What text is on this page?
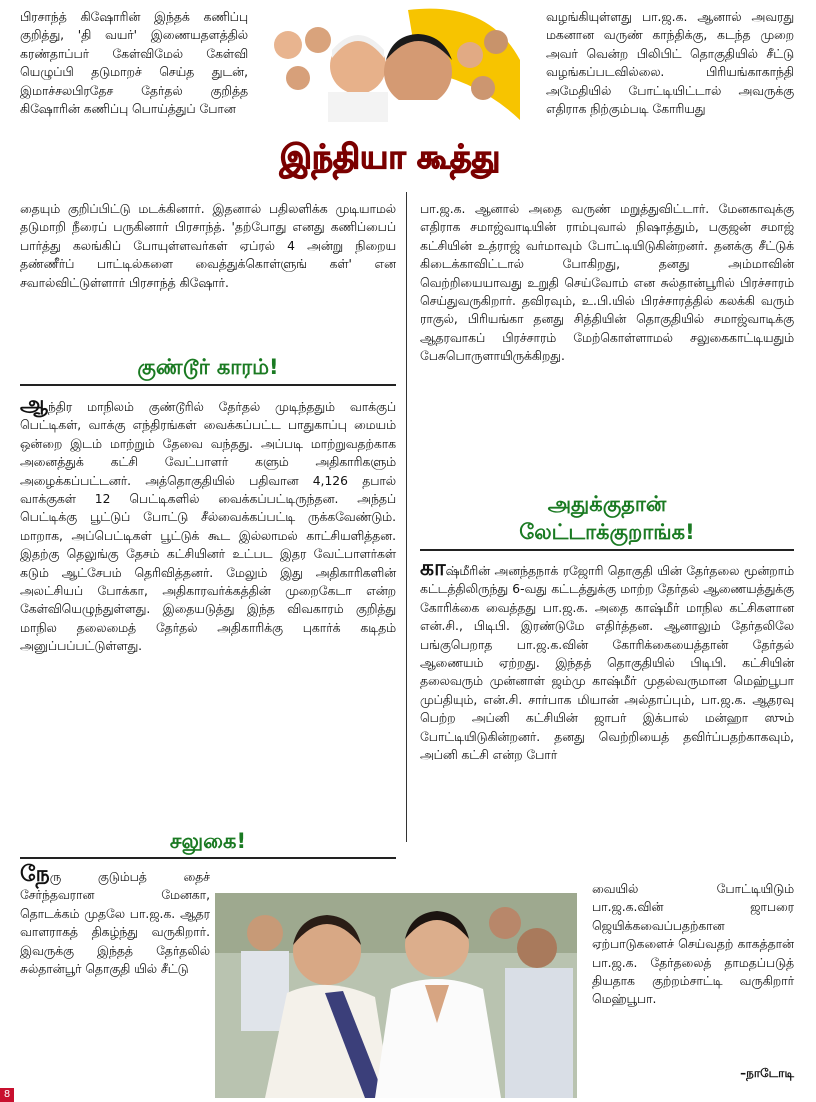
இந்தியா கூத்து

பிரசாந்த் கிஷோரின் இந்தக் கணிப்பு குறித்து, 'தி வயர்' இணையதளத்தில் கரண்தாப்பர் கேள்விமேல் கேள்வி யெழுப்பி தடுமாறச் செய்த துடன், இமாச்சலபிரதேச தேர்தல் குறித்த கிஷோரின் கணிப்பு பொய்த்துப் போன

தையும் குறிப்பிட்டு மடக்கினார். இதனால் பதிலளிக்க முடியாமல் தடுமாறி நீரைப் பருகினார் பிரசாந்த். 'தற்போது எனது கணிப்பைப் பார்த்து கலங்கிப் போயுள்ளவர்கள் ஏப்ரல் 4 அன்று நிறைய தண்ணீர்ப் பாட்டில்களை வைத்துக்கொள்ளுங் கள்' என சவால்விட்டுள்ளார் பிரசாந்த் கிஷோர்.

குண்டூர் காரம்!

ஆந்திர மாநிலம் குண்டூரில் தேர்தல் முடிந்ததும் வாக்குப் பெட்டிகள், வாக்கு எந்திரங்கள் வைக்கப்பட்ட பாதுகாப்பு மையம் ஒன்றை இடம் மாற்றும் தேவை வந்தது. அப்படி மாற்றுவதற்காக அனைத்துக் கட்சி வேட்பாளர் களும் அதிகாரிகளும் அழைக்கப்பட்டனர். அத்தொகுதியில் பதிவான 4,126 தபால் வாக்குகள் 12 பெட்டிகளில் வைக்கப்பட்டிருந்தன. அந்தப் பெட்டிக்கு பூட்டுப் போட்டு சீல்வைக்கப்பட்டி ருக்கவேண்டும். மாறாக, அப்பெட்டிகள் பூட்டுக் கூட இல்லாமல் காட்சியளித்தன. இதற்கு தெலுங்கு தேசம் கட்சியினர் உட்பட இதர வேட்பாளர்கள் கடும் ஆட்சேபம் தெரிவித்தனர். மேலும் இது அதிகாரிகளின் அலட்சியப் போக்கா, அதிகாரவர்க்கத்தின் முறைகேடா என்ற கேள்வியெழுந்துள்ளது. இதையடுத்து இந்த விவகாரம் குறித்து மாநில தலைமைத் தேர்தல் அதிகாரிக்கு புகார்க் கடிதம் அனுப்பப்பட்டுள்ளது.

சலுகை!

நேரு குடும்பத் தைச் சேர்ந்தவரான மேனகா, தொடக்கம் முதலே பா.ஜ.க. ஆதர வாளராகத் திகழ்ந்து வருகிறார். இவருக்கு இந்தத் தேர்தலில் சுல்தான்பூர் தொகுதி யில் சீட்டு

வழங்கியுள்ளது பா.ஜ.க. ஆனால் அவரது மகனான வருண் காந்திக்கு, கடந்த முறை அவர் வென்ற பிலிபிட் தொகுதியில் சீட்டு வழங்கப்படவில்லை. பிரியங்காகாந்தி அமேதியில் போட்டியிட்டால் அவருக்கு எதிராக நிற்கும்படி கோரியது

பா.ஜ.க. ஆனால் அதை வருண் மறுத்துவிட்டார். மேனகாவுக்கு எதிராக சமாஜ்வாடியின் ராம்புவால் நிஷாத்தும், பகுஜன் சமாஜ் கட்சியின் உத்ராஜ் வர்மாவும் போட்டியிடுகின்றனர். தனக்கு சீட்டுக் கிடைக்காவிட்டால் போகிறது, தனது அம்மாவின் வெற்றியையாவது உறுதி செய்வோம் என சுல்தான்பூரில் பிரச்சாரம் செய்துவருகிறார். தவிரவும், உ.பி.யில் பிரச்சாரத்தில் கலக்கி வரும் ராகுல், பிரியங்கா தனது சித்தியின் தொகுதியில் சமாஜ்வாடிக்கு ஆதரவாகப் பிரச்சாரம் மேற்கொள்ளாமல் சலுகைகாட்டியதும் பேசுபொருளாயிருக்கிறது.

அதுக்குதான்
லேட்டாக்குறாங்க!

காஷ்மீரின் அனந்தநாக் ரஜோரி தொகுதி யின் தேர்தலை மூன்றாம் கட்டத்திலிருந்து 6-வது கட்டத்துக்கு மாற்ற தேர்தல் ஆணையத்துக்கு கோரிக்கை வைத்தது பா.ஜ.க. அதை காஷ்மீர் மாநில கட்சிகளான என்.சி., பிடிபி. இரண்டுமே எதிர்த்தன. ஆனாலும் தேர்தலிலே பங்குபெறாத பா.ஜ.க.வின் கோரிக்கையைத்தான் தேர்தல் ஆணையம் ஏற்றது. இந்தத் தொகுதியில் பிடிபி. கட்சியின் தலைவரும் முன்னாள் ஜம்மு காஷ்மீர் முதல்வருமான மெஹ்பூபா முப்தியும், என்.சி. சார்பாக மியான் அல்தாப்பும், பா.ஜ.க. ஆதரவு பெற்ற அப்னி கட்சியின் ஜாபர் இக்பால் மன்ஹா ஸும் போட்டியிடுகின்றனர். தனது வெற்றியைத் தவிர்ப்பதற்காகவும், அப்னி கட்சி என்ற போர்

வையில் போட்டியிடும் பா.ஜ.க.வின் ஜாபரை ஜெயிக்கவைப்பதற்கான ஏற்பாடுகளைச் செய்வதற் காகத்தான் பா.ஜ.க. தேர்தலைத் தாமதப்படுத் தியதாக குற்றம்சாட்டி வருகிறார் மெஹ்பூபா.

–நாடோடி
8
